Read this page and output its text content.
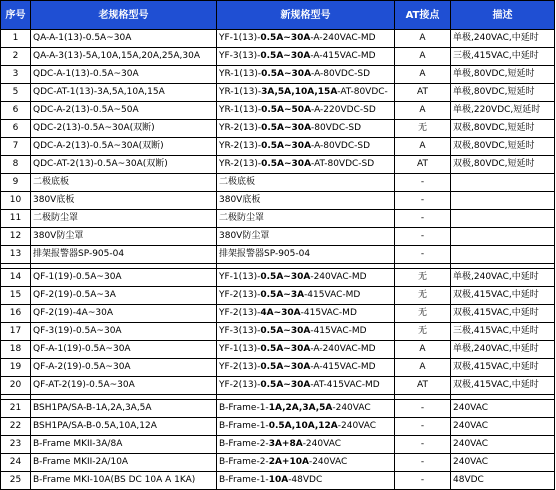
序号	老规格型号	新规格型号	AT接点	描述
1	QA-A-1(13)-0.5A~30A	YF-1(13)-0.5A~30A-A-240VAC-MD	A	单极,240VAC,中延时
2	QA-A-3(13)-5A,10A,15A,20A,25A,30A	YF-3(13)-0.5A~30A-A-415VAC-MD	A	三极,415VAC,中延时
3	QDC-A-1(13)-0.5A~30A	YR-1(13)-0.5A~30A-A-80VDC-SD	A	单极,80VDC,短延时
5	QDC-AT-1(13)-3A,5A,10A,15A	YR-1(13)-3A,5A,10A,15A-AT-80VDC-	AT	单极,80VDC,短延时
6	QDC-A-2(13)-0.5A~50A	YR-1(13)-0.5A~50A-A-220VDC-SD	A	单极,220VDC,短延时
6	QDC-2(13)-0.5A~30A(双断)	YR-2(13)-0.5A~30A-80VDC-SD	无	双极,80VDC,短延时
7	QDC-A-2(13)-0.5A~30A(双断)	YR-2(13)-0.5A~30A-A-80VDC-SD	A	双极,80VDC,短延时
8	QDC-AT-2(13)-0.5A~30A(双断)	YR-2(13)-0.5A~30A-AT-80VDC-SD	AT	双极,80VDC,短延时
9	二极底板	二极底板	-	
10	380V底板	380V底板	-	
11	二极防尘罩	二极防尘罩	-	
12	380V防尘罩	380V防尘罩	-	
13	排架报警器SP-905-04	排架报警器SP-905-04	-	

14	QF-1(19)-0.5A~30A	YF-1(13)-0.5A~30A-240VAC-MD	无	单极,240VAC,中延时
15	QF-2(19)-0.5A~3A	YF-2(13)-0.5A~3A-415VAC-MD	无	双极,415VAC,中延时
16	QF-2(19)-4A~30A	YF-2(13)-4A~30A-415VAC-MD	无	双极,415VAC,中延时
17	QF-3(19)-0.5A~30A	YF-3(13)-0.5A~30A-415VAC-MD	无	三极,415VAC,中延时
18	QF-A-1(19)-0.5A~30A	YF-1(13)-0.5A~30A-A-240VAC-MD	A	单极,240VAC,中延时
19	QF-A-2(19)-0.5A~30A	YF-2(13)-0.5A~30A-A-415VAC-MD	A	双极,415VAC,中延时
20	QF-AT-2(19)-0.5A~30A	YF-2(13)-0.5A~30A-AT-415VAC-MD	AT	双极,415VAC,中延时

21	BSH1PA/SA-B-1A,2A,3A,5A	B-Frame-1-1A,2A,3A,5A-240VAC	-	240VAC
22	BSH1PA/SA-B-0.5A,10A,12A	B-Frame-1-0.5A,10A,12A-240VAC	-	240VAC
23	B-Frame MKII-3A/8A	B-Frame-2-3A+8A-240VAC	-	240VAC
24	B-Frame MKII-2A/10A	B-Frame-2-2A+10A-240VAC	-	240VAC
25	B-Frame MKI-10A(BS DC 10A A 1KA)	B-Frame-1-10A-48VDC	-	48VDC
